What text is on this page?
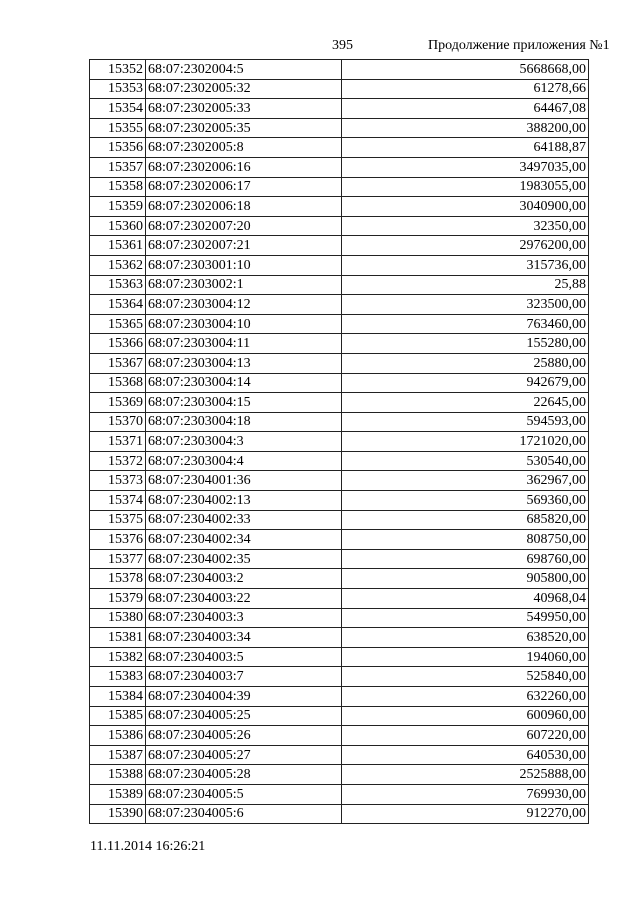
395	Продолжение приложения №1
15352	68:07:2302004:5	5668668,00
15353	68:07:2302005:32	61278,66
15354	68:07:2302005:33	64467,08
15355	68:07:2302005:35	388200,00
15356	68:07:2302005:8	64188,87
15357	68:07:2302006:16	3497035,00
15358	68:07:2302006:17	1983055,00
15359	68:07:2302006:18	3040900,00
15360	68:07:2302007:20	32350,00
15361	68:07:2302007:21	2976200,00
15362	68:07:2303001:10	315736,00
15363	68:07:2303002:1	25,88
15364	68:07:2303004:12	323500,00
15365	68:07:2303004:10	763460,00
15366	68:07:2303004:11	155280,00
15367	68:07:2303004:13	25880,00
15368	68:07:2303004:14	942679,00
15369	68:07:2303004:15	22645,00
15370	68:07:2303004:18	594593,00
15371	68:07:2303004:3	1721020,00
15372	68:07:2303004:4	530540,00
15373	68:07:2304001:36	362967,00
15374	68:07:2304002:13	569360,00
15375	68:07:2304002:33	685820,00
15376	68:07:2304002:34	808750,00
15377	68:07:2304002:35	698760,00
15378	68:07:2304003:2	905800,00
15379	68:07:2304003:22	40968,04
15380	68:07:2304003:3	549950,00
15381	68:07:2304003:34	638520,00
15382	68:07:2304003:5	194060,00
15383	68:07:2304003:7	525840,00
15384	68:07:2304004:39	632260,00
15385	68:07:2304005:25	600960,00
15386	68:07:2304005:26	607220,00
15387	68:07:2304005:27	640530,00
15388	68:07:2304005:28	2525888,00
15389	68:07:2304005:5	769930,00
15390	68:07:2304005:6	912270,00
11.11.2014 16:26:21
